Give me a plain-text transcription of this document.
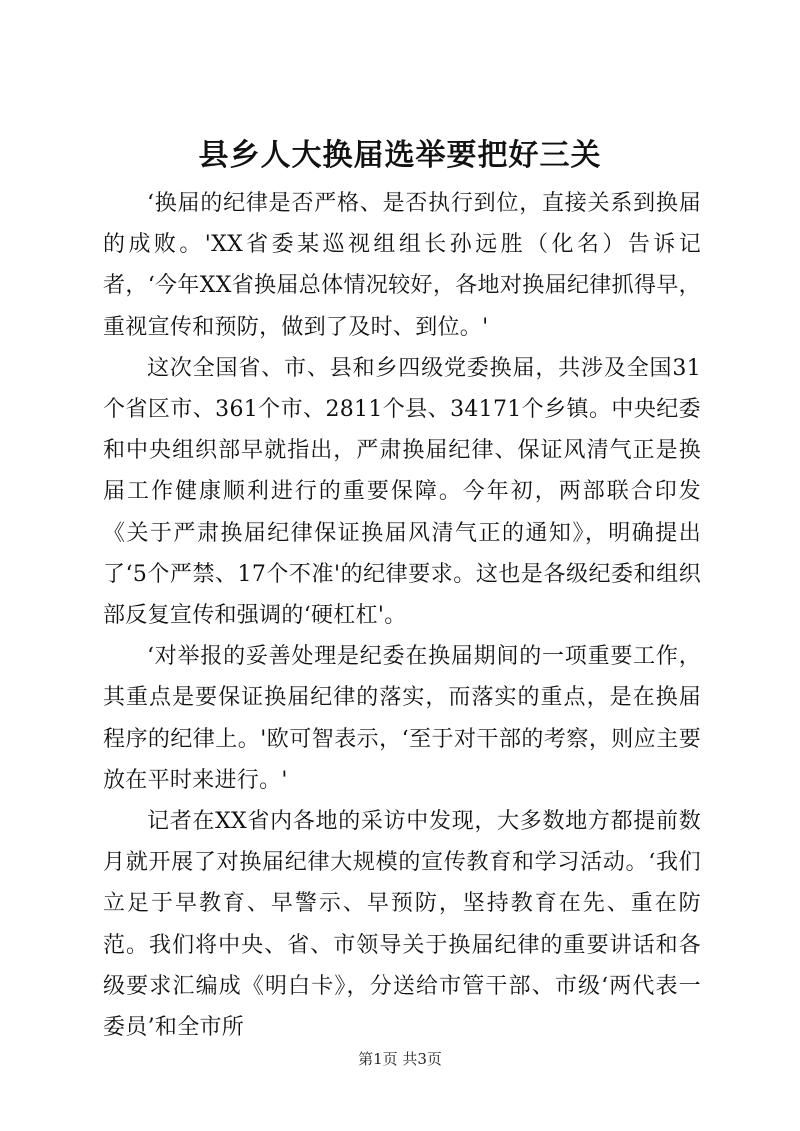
县乡人大换届选举要把好三关

‘换届的纪律是否严格、是否执行到位，直接关系到换届的成败。'XX省委某巡视组组长孙远胜（化名）告诉记者，‘今年XX省换届总体情况较好，各地对换届纪律抓得早，重视宣传和预防，做到了及时、到位。'

这次全国省、市、县和乡四级党委换届，共涉及全国31个省区市、361个市、2811个县、34171个乡镇。中央纪委和中央组织部早就指出，严肃换届纪律、保证风清气正是换届工作健康顺利进行的重要保障。今年初，两部联合印发《关于严肃换届纪律保证换届风清气正的通知》，明确提出了‘5个严禁、17个不准'的纪律要求。这也是各级纪委和组织部反复宣传和强调的‘硬杠杠'。

‘对举报的妥善处理是纪委在换届期间的一项重要工作，其重点是要保证换届纪律的落实，而落实的重点，是在换届程序的纪律上。'欧可智表示，‘至于对干部的考察，则应主要放在平时来进行。'

记者在XX省内各地的采访中发现，大多数地方都提前数月就开展了对换届纪律大规模的宣传教育和学习活动。‘我们立足于早教育、早警示、早预防，坚持教育在先、重在防范。我们将中央、省、市领导关于换届纪律的重要讲话和各级要求汇编成《明白卡》，分送给市管干部、市级‘两代表一委员’和全市所

第1页 共3页
